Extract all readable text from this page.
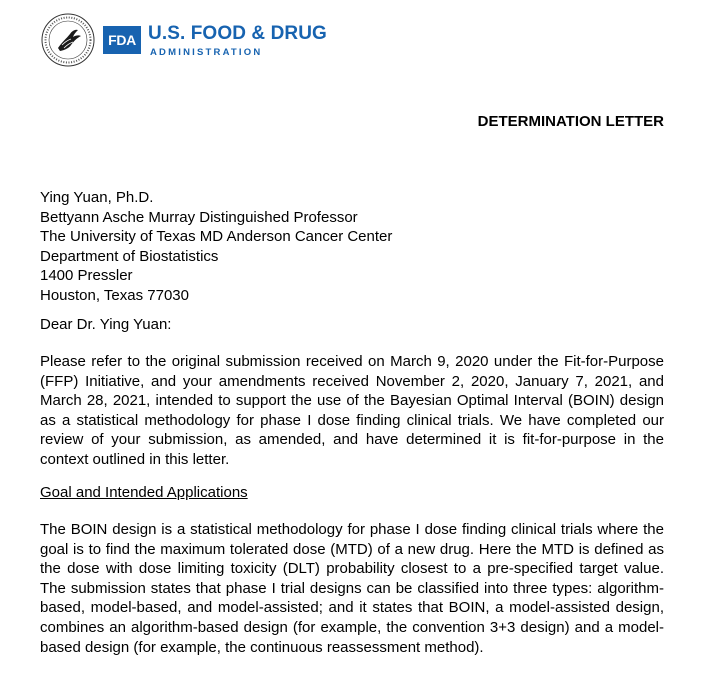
FDA U.S. FOOD & DRUG
ADMINISTRATION
DETERMINATION LETTER
Ying Yuan, Ph.D.
Bettyann Asche Murray Distinguished Professor
The University of Texas MD Anderson Cancer Center
Department of Biostatistics
1400 Pressler
Houston, Texas 77030
Dear Dr. Ying Yuan:
Please refer to the original submission received on March 9, 2020 under the Fit-for-Purpose (FFP) Initiative, and your amendments received November 2, 2020, January 7, 2021, and March 28, 2021, intended to support the use of the Bayesian Optimal Interval (BOIN) design as a statistical methodology for phase I dose finding clinical trials. We have completed our review of your submission, as amended, and have determined it is fit-for-purpose in the context outlined in this letter.
Goal and Intended Applications
The BOIN design is a statistical methodology for phase I dose finding clinical trials where the goal is to find the maximum tolerated dose (MTD) of a new drug. Here the MTD is defined as the dose with dose limiting toxicity (DLT) probability closest to a pre-specified target value. The submission states that phase I trial designs can be classified into three types: algorithm-based, model-based, and model-assisted; and it states that BOIN, a model-assisted design, combines an algorithm-based design (for example, the convention 3+3 design) and a model-based design (for example, the continuous reassessment method).
